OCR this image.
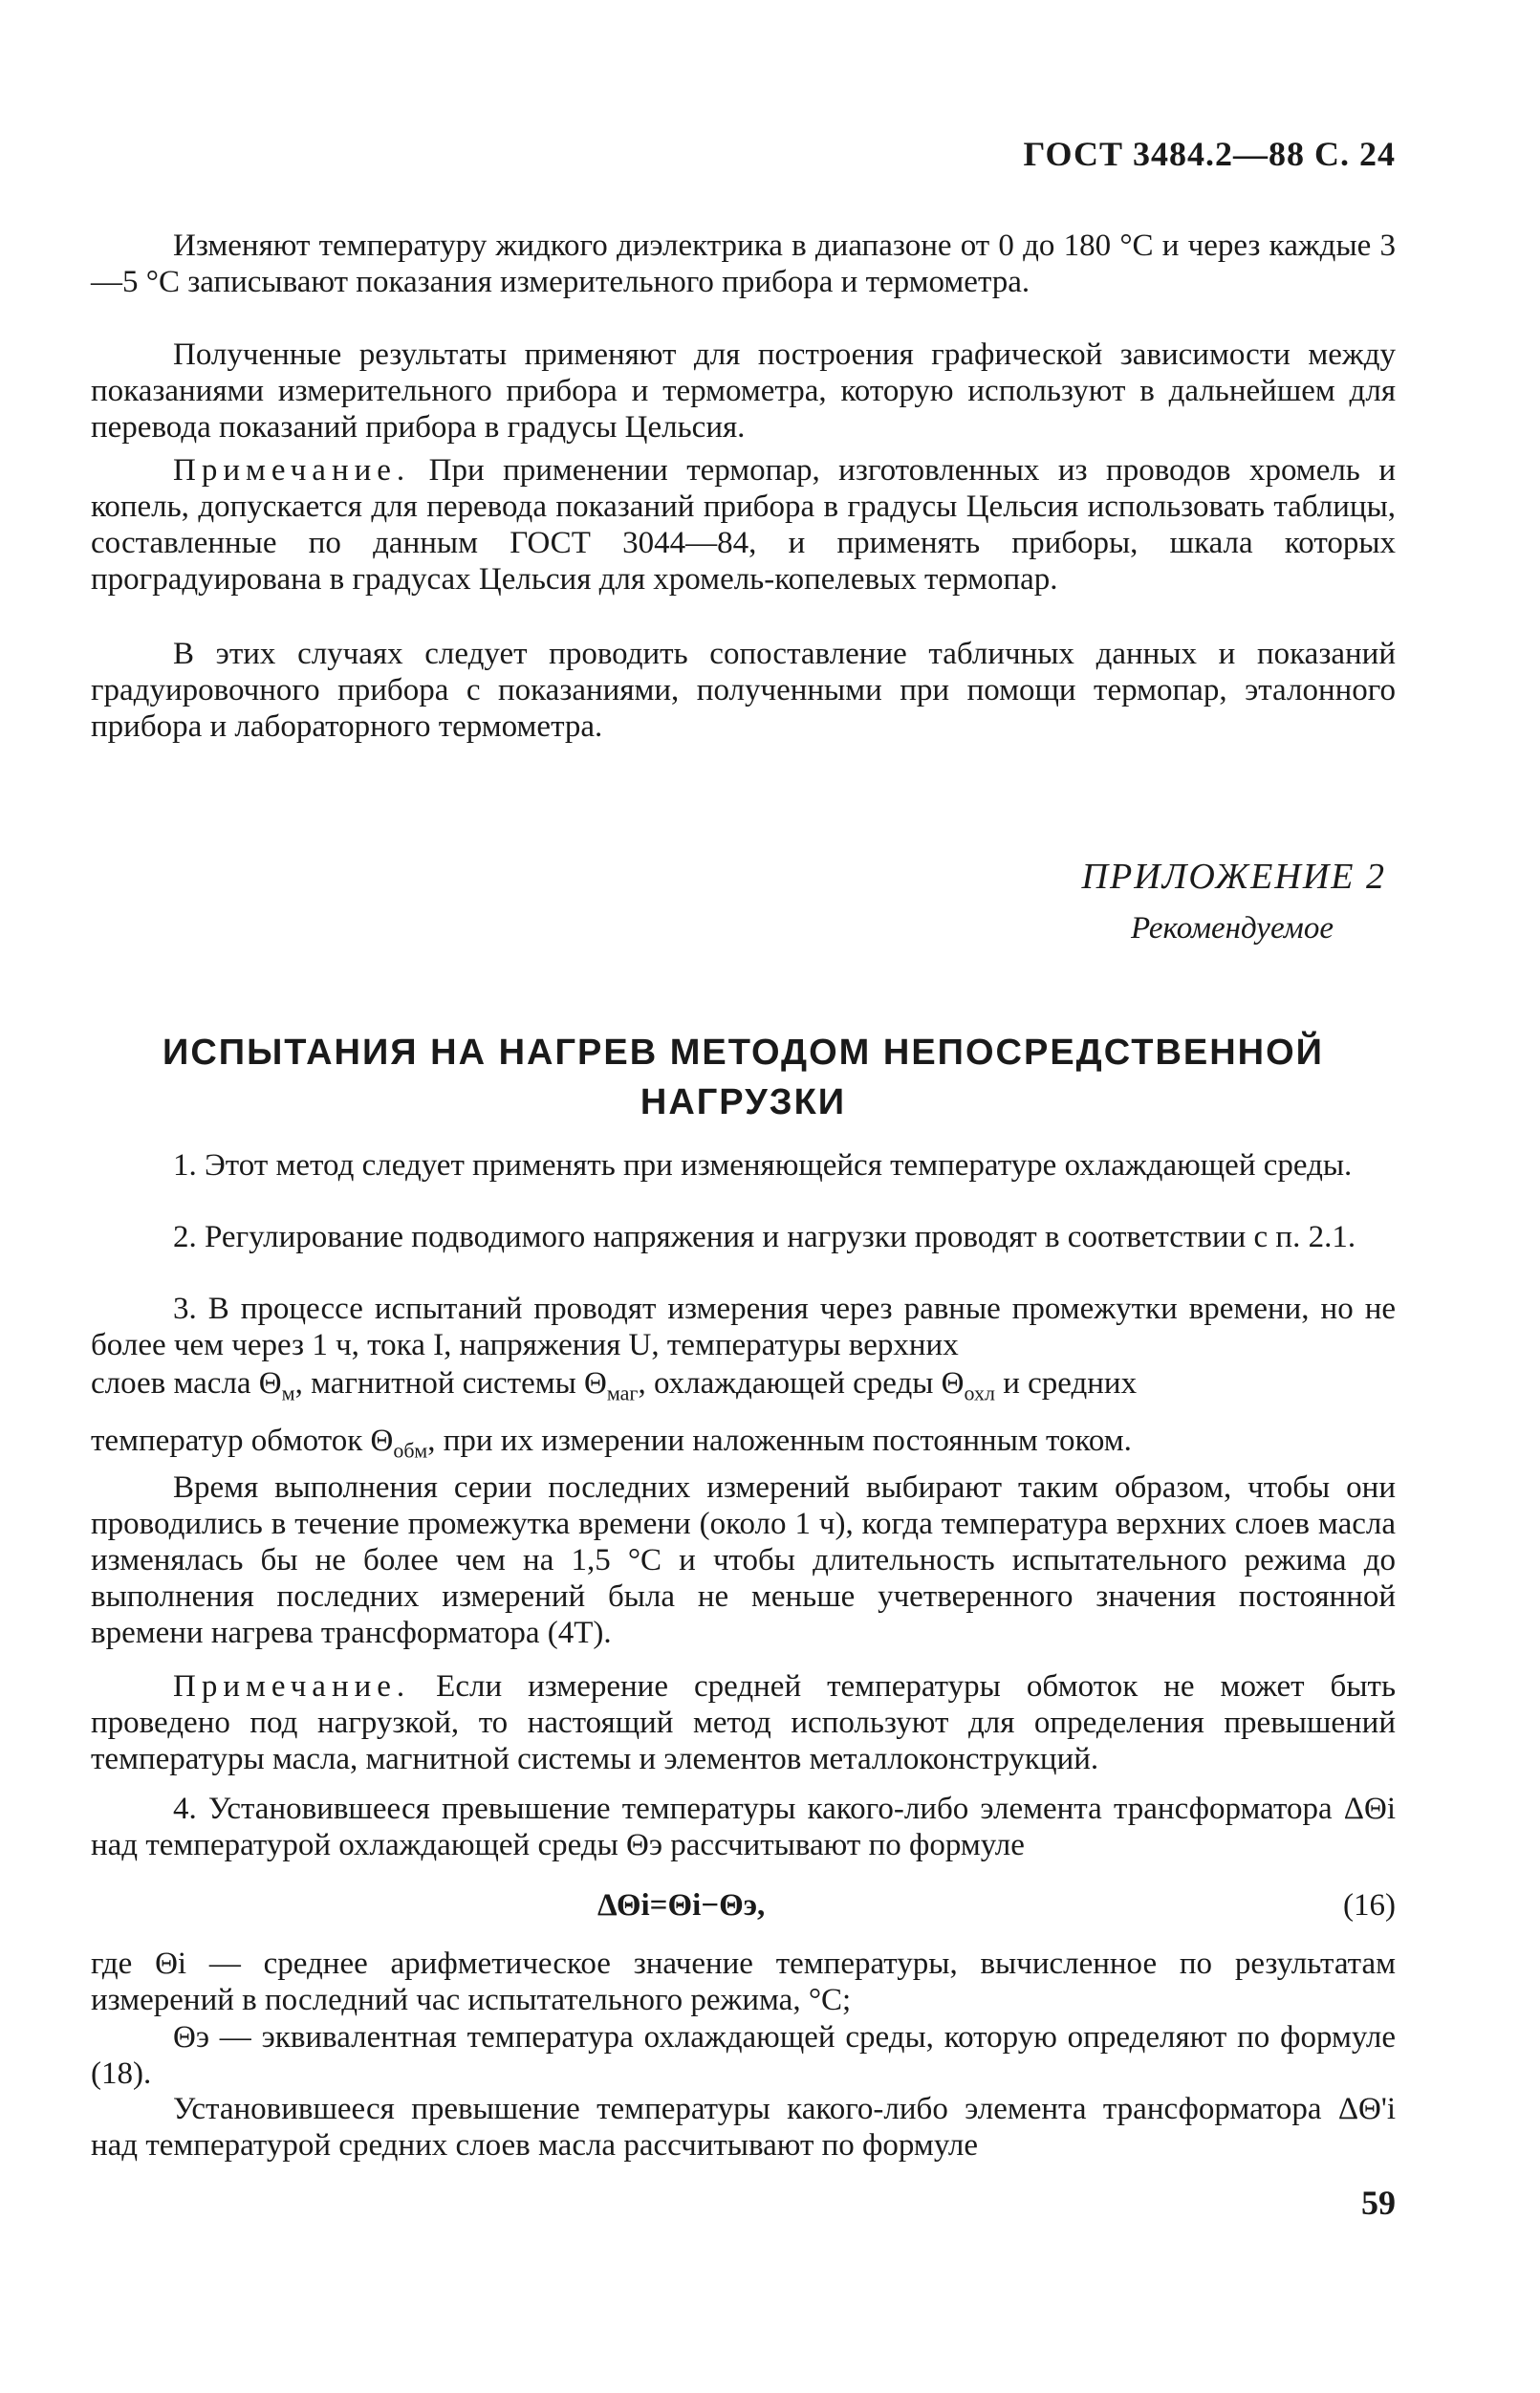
ГОСТ 3484.2—88 С. 24
Изменяют температуру жидкого диэлектрика в диапазоне от 0 до 180 °С и через каждые 3—5 °С записывают показания измерительного прибора и термометра.
Полученные результаты применяют для построения графической зависимости между показаниями измерительного прибора и термометра, которую используют в дальнейшем для перевода показаний прибора в градусы Цельсия.
Примечание. При применении термопар, изготовленных из проводов хромель и копель, допускается для перевода показаний прибора в градусы Цельсия использовать таблицы, составленные по данным ГОСТ 3044—84, и применять приборы, шкала которых проградуирована в градусах Цельсия для хромель-копелевых термопар.
В этих случаях следует проводить сопоставление табличных данных и показаний градуировочного прибора с показаниями, полученными при помощи термопар, эталонного прибора и лабораторного термометра.
ПРИЛОЖЕНИЕ 2
Рекомендуемое
ИСПЫТАНИЯ НА НАГРЕВ МЕТОДОМ НЕПОСРЕДСТВЕННОЙ
НАГРУЗКИ
1. Этот метод следует применять при изменяющейся температуре охлаждающей среды.
2. Регулирование подводимого напряжения и нагрузки проводят в соответствии с п. 2.1.
3. В процессе испытаний проводят измерения через равные промежутки времени, но не более чем через 1 ч, тока I, напряжения U, температуры верхних
слоев масла $\Theta_м$, магнитной системы $\Theta_{маг}$, охлаждающей среды $\Theta_{охл}$ и средних
температур обмоток $\Theta_{обм}$, при их измерении наложенным постоянным током.
Время выполнения серии последних измерений выбирают таким образом, чтобы они проводились в течение промежутка времени (около 1 ч), когда температура верхних слоев масла изменялась бы не более чем на 1,5 °С и чтобы длительность испытательного режима до выполнения последних измерений была не меньше учетверенного значения постоянной времени нагрева трансформатора (4T).
Примечание. Если измерение средней температуры обмоток не может быть проведено под нагрузкой, то настоящий метод используют для определения превышений температуры масла, магнитной системы и элементов металлоконструкций.
4. Установившееся превышение температуры какого-либо элемента трансформатора ΔΘi над температурой охлаждающей среды Θэ рассчитывают по формуле
ΔΘi=Θi−Θэ,	(16)
где Θi — среднее арифметическое значение температуры, вычисленное по результатам измерений в последний час испытательного режима, °С;
Θэ — эквивалентная температура охлаждающей среды, которую определяют по формуле (18).
Установившееся превышение температуры какого-либо элемента трансформатора ΔΘ'i над температурой средних слоев масла рассчитывают по формуле
59
